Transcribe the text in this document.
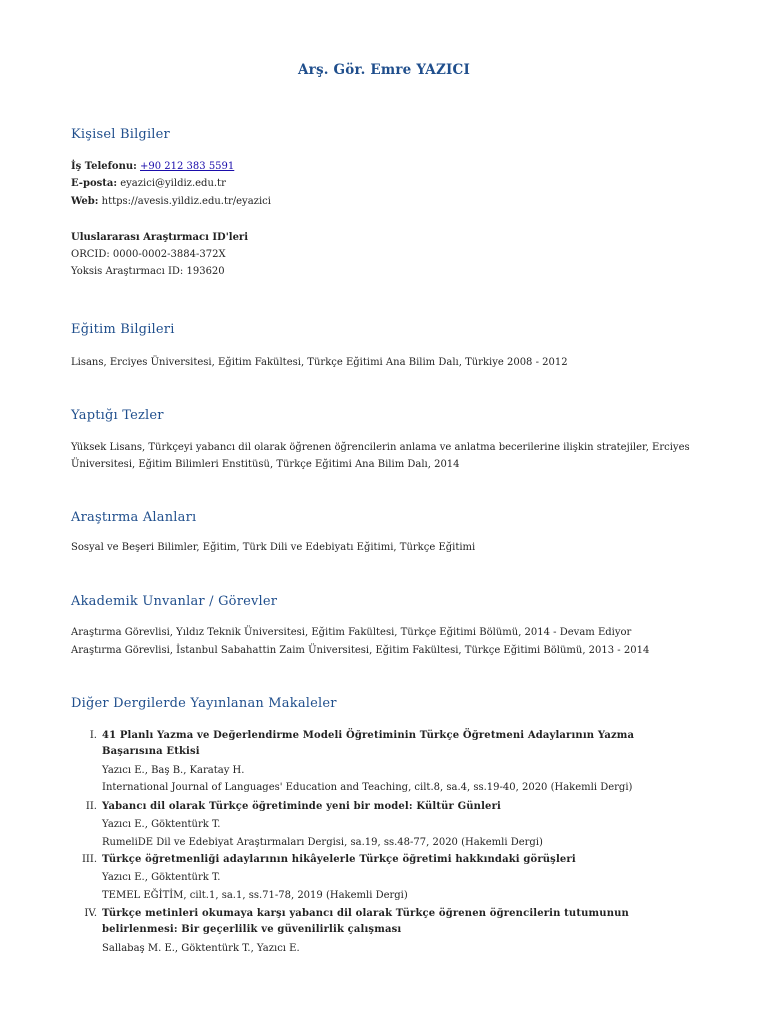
Arş. Gör. Emre YAZICI
Kişisel Bilgiler
İş Telefonu: +90 212 383 5591
E-posta: eyazici@yildiz.edu.tr
Web: https://avesis.yildiz.edu.tr/eyazici
Uluslararası Araştırmacı ID'leri
ORCID: 0000-0002-3884-372X
Yoksis Araştırmacı ID: 193620
Eğitim Bilgileri
Lisans, Erciyes Üniversitesi, Eğitim Fakültesi, Türkçe Eğitimi Ana Bilim Dalı, Türkiye 2008 - 2012
Yaptığı Tezler
Yüksek Lisans, Türkçeyi yabancı dil olarak öğrenen öğrencilerin anlama ve anlatma becerilerine ilişkin stratejiler, Erciyes Üniversitesi, Eğitim Bilimleri Enstitüsü, Türkçe Eğitimi Ana Bilim Dalı, 2014
Araştırma Alanları
Sosyal ve Beşeri Bilimler, Eğitim, Türk Dili ve Edebiyatı Eğitimi, Türkçe Eğitimi
Akademik Unvanlar / Görevler
Araştırma Görevlisi, Yıldız Teknik Üniversitesi, Eğitim Fakültesi, Türkçe Eğitimi Bölümü, 2014 - Devam Ediyor
Araştırma Görevlisi, İstanbul Sabahattin Zaim Üniversitesi, Eğitim Fakültesi, Türkçe Eğitimi Bölümü, 2013 - 2014
Diğer Dergilerde Yayınlanan Makaleler
I. 41 Planlı Yazma ve Değerlendirme Modeli Öğretiminin Türkçe Öğretmeni Adaylarının Yazma Başarısına Etkisi
Yazıcı E., Baş B., Karatay H.
International Journal of Languages' Education and Teaching, cilt.8, sa.4, ss.19-40, 2020 (Hakemli Dergi)
II. Yabancı dil olarak Türkçe öğretiminde yeni bir model: Kültür Günleri
Yazıcı E., Göktentürk T.
RumeliDE Dil ve Edebiyat Araştırmaları Dergisi, sa.19, ss.48-77, 2020 (Hakemli Dergi)
III. Türkçe öğretmenliği adaylarının hikâyelerle Türkçe öğretimi hakkındaki görüşleri
Yazıcı E., Göktentürk T.
TEMEL EĞİTİM, cilt.1, sa.1, ss.71-78, 2019 (Hakemli Dergi)
IV. Türkçe metinleri okumaya karşı yabancı dil olarak Türkçe öğrenen öğrencilerin tutumunun belirlenmesi: Bir geçerlilik ve güvenilirlik çalışması
Sallabaş M. E., Göktentürk T., Yazıcı E.
